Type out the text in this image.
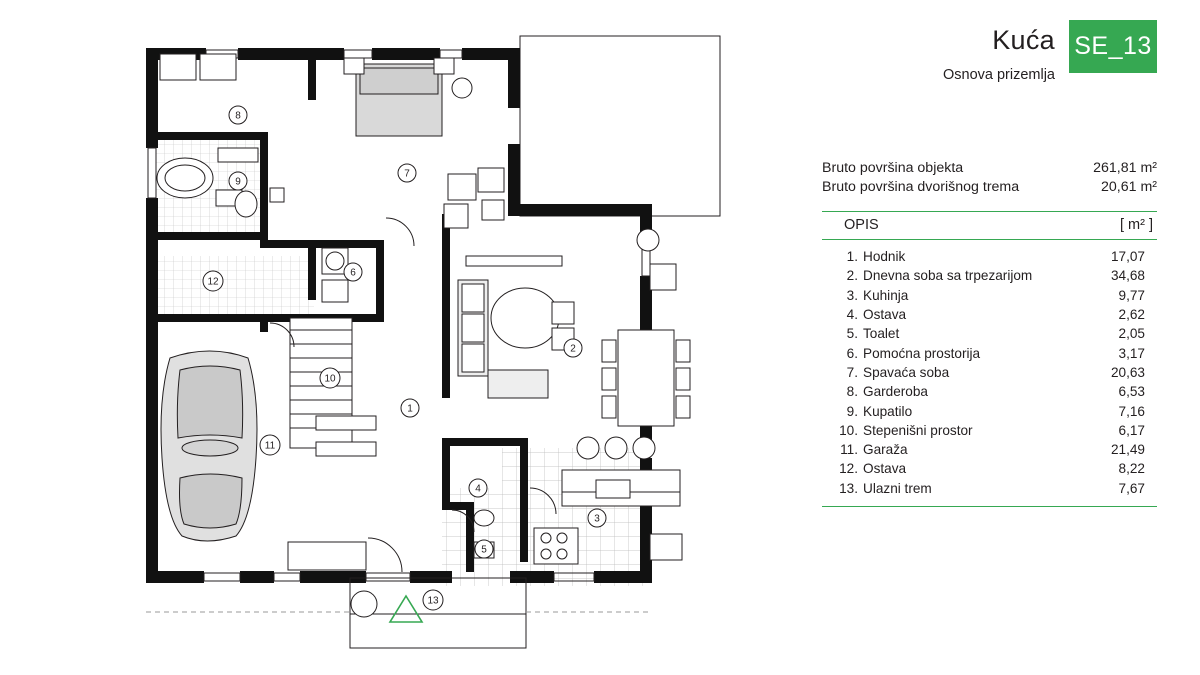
1
2
3
4
5
6
7
8
9
10
11
12
13
Kuća
Osnova prizemlja
SE_13
Bruto površina objekta	261,81 m²
Bruto površina dvorišnog trema	20,61 m²
OPIS	[ m² ]
1. Hodnik	17,07
2. Dnevna soba sa trpezarijom	34,68
3. Kuhinja	9,77
4. Ostava	2,62
5. Toalet	2,05
6. Pomoćna prostorija	3,17
7. Spavaća soba	20,63
8. Garderoba	6,53
9. Kupatilo	7,16
10. Stepenišni prostor	6,17
11. Garaža	21,49
12. Ostava	8,22
13. Ulazni trem	7,67
